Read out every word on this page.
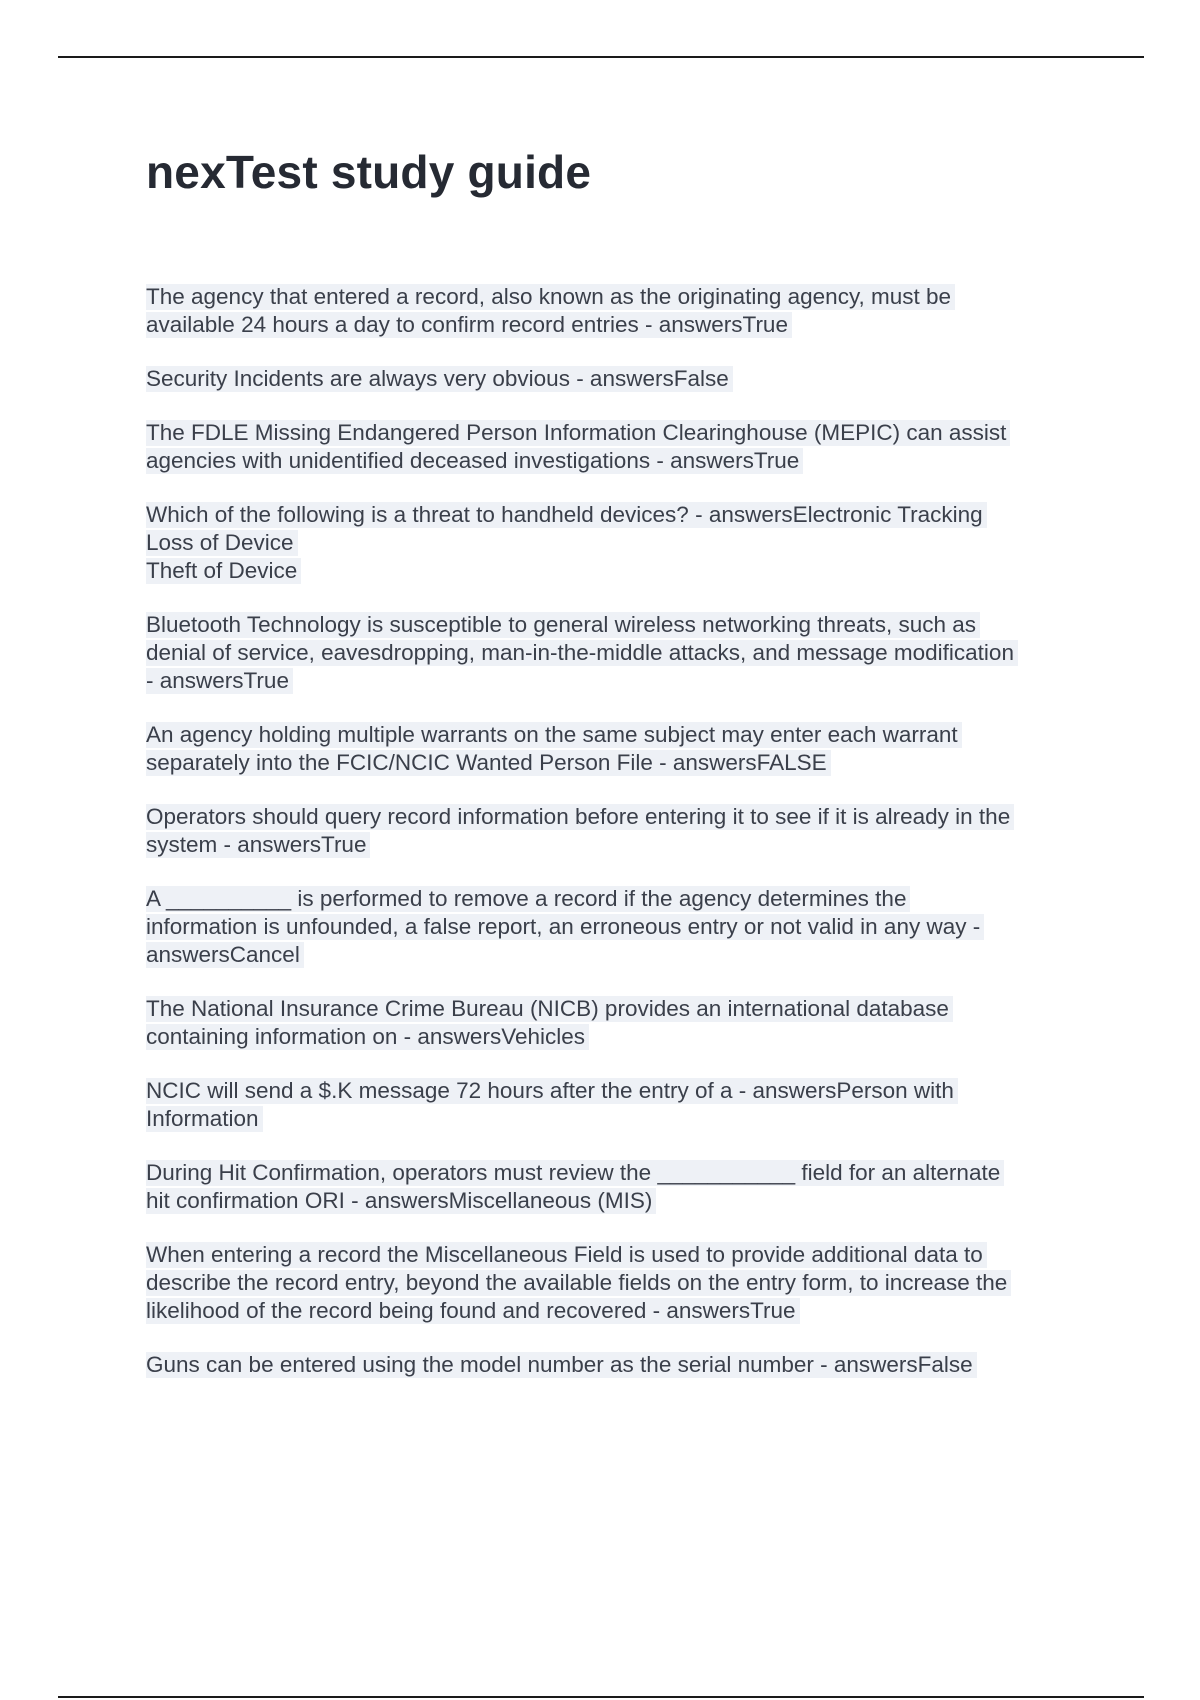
nexTest study guide

The agency that entered a record, also known as the originating agency, must be
available 24 hours a day to confirm record entries - answersTrue

Security Incidents are always very obvious - answersFalse

The FDLE Missing Endangered Person Information Clearinghouse (MEPIC) can assist
agencies with unidentified deceased investigations - answersTrue

Which of the following is a threat to handheld devices? - answersElectronic Tracking
Loss of Device
Theft of Device

Bluetooth Technology is susceptible to general wireless networking threats, such as
denial of service, eavesdropping, man-in-the-middle attacks, and message modification
- answersTrue

An agency holding multiple warrants on the same subject may enter each warrant
separately into the FCIC/NCIC Wanted Person File - answersFALSE

Operators should query record information before entering it to see if it is already in the
system - answersTrue

A __________ is performed to remove a record if the agency determines the
information is unfounded, a false report, an erroneous entry or not valid in any way -
answersCancel

The National Insurance Crime Bureau (NICB) provides an international database
containing information on - answersVehicles

NCIC will send a $.K message 72 hours after the entry of a - answersPerson with
Information

During Hit Confirmation, operators must review the ___________ field for an alternate
hit confirmation ORI - answersMiscellaneous (MIS)

When entering a record the Miscellaneous Field is used to provide additional data to
describe the record entry, beyond the available fields on the entry form, to increase the
likelihood of the record being found and recovered - answersTrue

Guns can be entered using the model number as the serial number - answersFalse
